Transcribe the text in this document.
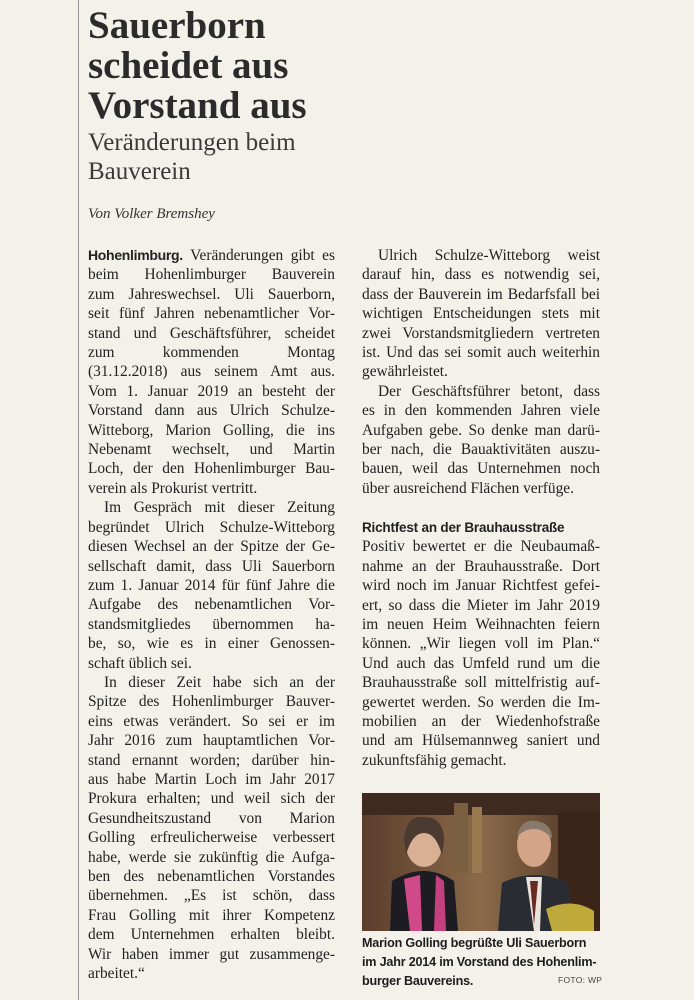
Sauerborn
scheidet aus
Vorstand aus
Veränderungen beim
Bauverein
Von Volker Bremshey
Hohenlimburg. Veränderungen gibt es
beim Hohenlimburger Bauverein
zum Jahreswechsel. Uli Sauerborn,
seit fünf Jahren nebenamtlicher Vor-
stand und Geschäftsführer, scheidet
zum kommenden Montag
(31.12.2018) aus seinem Amt aus.
Vom 1. Januar 2019 an besteht der
Vorstand dann aus Ulrich Schulze-
Witteborg, Marion Golling, die ins
Nebenamt wechselt, und Martin
Loch, der den Hohenlimburger Bau-
verein als Prokurist vertritt.
Im Gespräch mit dieser Zeitung
begründet Ulrich Schulze-Witteborg
diesen Wechsel an der Spitze der Ge-
sellschaft damit, dass Uli Sauerborn
zum 1. Januar 2014 für fünf Jahre die
Aufgabe des nebenamtlichen Vor-
standsmitgliedes übernommen ha-
be, so, wie es in einer Genossen-
schaft üblich sei.
In dieser Zeit habe sich an der
Spitze des Hohenlimburger Bauver-
eins etwas verändert. So sei er im
Jahr 2016 zum hauptamtlichen Vor-
stand ernannt worden; darüber hin-
aus habe Martin Loch im Jahr 2017
Prokura erhalten; und weil sich der
Gesundheitszustand von Marion
Golling erfreulicherweise verbessert
habe, werde sie zukünftig die Aufga-
ben des nebenamtlichen Vorstandes
übernehmen. „Es ist schön, dass
Frau Golling mit ihrer Kompetenz
dem Unternehmen erhalten bleibt.
Wir haben immer gut zusammenge-
arbeitet.“
Ulrich Schulze-Witteborg weist
darauf hin, dass es notwendig sei,
dass der Bauverein im Bedarfsfall bei
wichtigen Entscheidungen stets mit
zwei Vorstandsmitgliedern vertreten
ist. Und das sei somit auch weiterhin
gewährleistet.
Der Geschäftsführer betont, dass
es in den kommenden Jahren viele
Aufgaben gebe. So denke man darü-
ber nach, die Bauaktivitäten auszu-
bauen, weil das Unternehmen noch
über ausreichend Flächen verfüge.
Richtfest an der Brauhausstraße
Positiv bewertet er die Neubaumaß-
nahme an der Brauhausstraße. Dort
wird noch im Januar Richtfest gefei-
ert, so dass die Mieter im Jahr 2019
im neuen Heim Weihnachten feiern
können. „Wir liegen voll im Plan.“
Und auch das Umfeld rund um die
Brauhausstraße soll mittelfristig auf-
gewertet werden. So werden die Im-
mobilien an der Wiedenhofstraße
und am Hülsemannweg saniert und
zukunftsfähig gemacht.
Marion Golling begrüßte Uli Sauerborn
im Jahr 2014 im Vorstand des Hohenlim-
burger Bauvereins.	FOTO: WP
